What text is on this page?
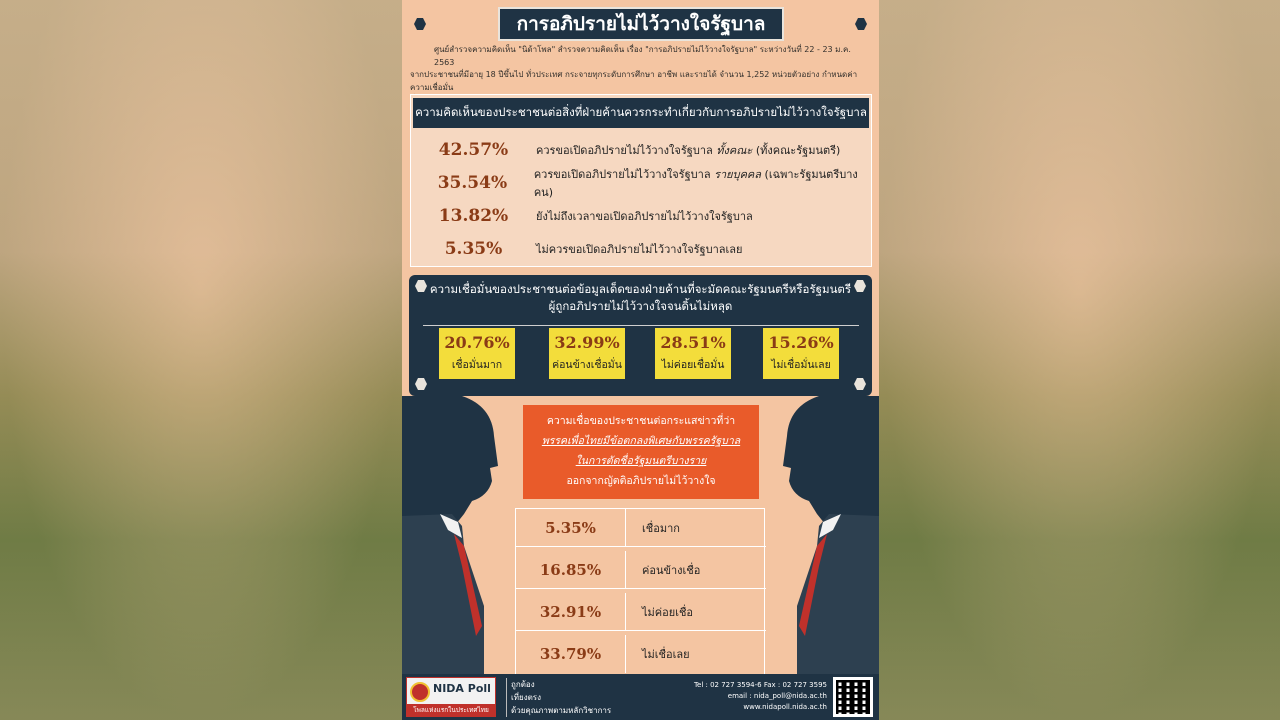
การอภิปรายไม่ไว้วางใจรัฐบาล
ศูนย์สำรวจความคิดเห็น "นิด้าโพล" สำรวจความคิดเห็น เรื่อง "การอภิปรายไม่ไว้วางใจรัฐบาล" ระหว่างวันที่ 22 - 23 ม.ค. 2563
จากประชาชนที่มีอายุ 18 ปีขึ้นไป ทั่วประเทศ กระจายทุกระดับการศึกษา อาชีพ และรายได้ จำนวน 1,252 หน่วยตัวอย่าง กำหนดค่าความเชื่อมั่น
ความคิดเห็นของประชาชนต่อสิ่งที่ฝ่ายค้านควรกระทำเกี่ยวกับการอภิปรายไม่ไว้วางใจรัฐบาล
42.57%	ควรขอเปิดอภิปรายไม่ไว้วางใจรัฐบาล ทั้งคณะ (ทั้งคณะรัฐมนตรี)
35.54%	ควรขอเปิดอภิปรายไม่ไว้วางใจรัฐบาล รายบุคคล (เฉพาะรัฐมนตรีบางคน)
13.82%	ยังไม่ถึงเวลาขอเปิดอภิปรายไม่ไว้วางใจรัฐบาล
5.35%	ไม่ควรขอเปิดอภิปรายไม่ไว้วางใจรัฐบาลเลย
ความเชื่อมั่นของประชาชนต่อข้อมูลเด็ดของฝ่ายค้านที่จะมัดคณะรัฐมนตรีหรือรัฐมนตรี
ผู้ถูกอภิปรายไม่ไว้วางใจจนดิ้นไม่หลุด
20.76%
เชื่อมั่นมาก
32.99%
ค่อนข้างเชื่อมั่น
28.51%
ไม่ค่อยเชื่อมั่น
15.26%
ไม่เชื่อมั่นเลย
ความเชื่อของประชาชนต่อกระแสข่าวที่ว่า
พรรคเพื่อไทยมีข้อตกลงพิเศษกับพรรครัฐบาล
ในการตัดชื่อรัฐมนตรีบางราย
ออกจากญัตติอภิปรายไม่ไว้วางใจ
5.35%	เชื่อมาก
16.85%	ค่อนข้างเชื่อ
32.91%	ไม่ค่อยเชื่อ
33.79%	ไม่เชื่อเลย
NIDA Poll
โพลแห่งแรกในประเทศไทย
ถูกต้อง
เที่ยงตรง
ด้วยคุณภาพตามหลักวิชาการ
Tel : 02 727 3594-6 Fax : 02 727 3595
email : nida_poll@nida.ac.th
www.nidapoll.nida.ac.th
